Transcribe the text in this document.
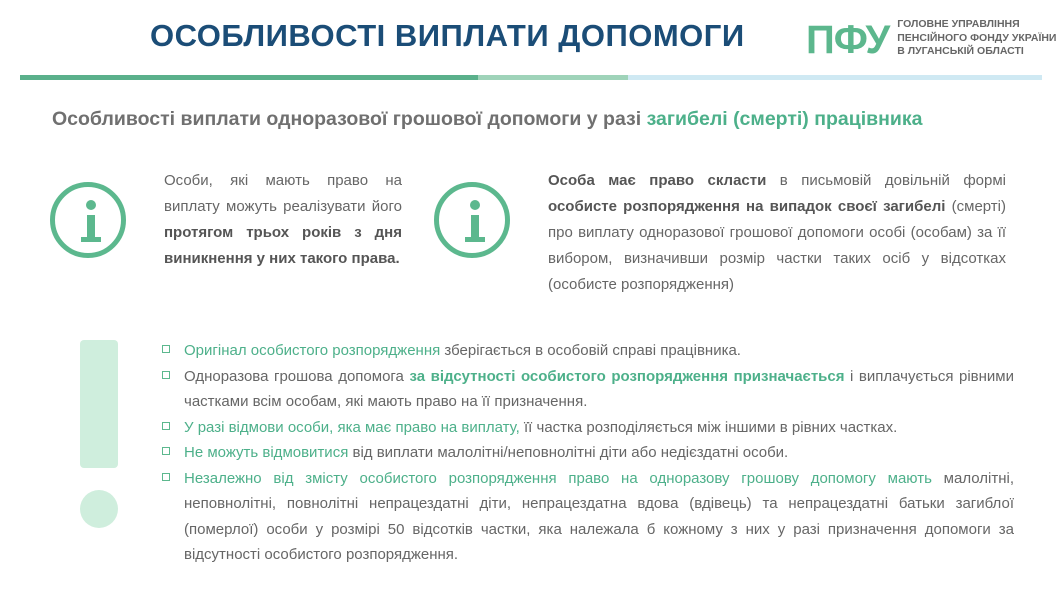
ОСОБЛИВОСТІ ВИПЛАТИ ДОПОМОГИ ПФУ ГОЛОВНЕ УПРАВЛІННЯ
ПЕНСІЙНОГО ФОНДУ УКРАЇНИ
В ЛУГАНСЬКІЙ ОБЛАСТІ
Особливості виплати одноразової грошової допомоги у разі загибелі (смерті) працівника

Особи, які мають право на виплату можуть реалізувати його протягом трьох років з дня виникнення у них такого права.

Особа має право скласти в письмовій довільній формі особисте розпорядження на випадок своєї загибелі (смерті) про виплату одноразової грошової допомоги особі (особам) за її вибором, визначивши розмір частки таких осіб у відсотках (особисте розпорядження)

Оригінал особистого розпорядження зберігається в особовій справі працівника.
Одноразова грошова допомога за відсутності особистого розпорядження призначається і виплачується рівними частками всім особам, які мають право на її призначення.
У разі відмови особи, яка має право на виплату, її частка розподіляється між іншими в рівних частках.
Не можуть відмовитися від виплати малолітні/неповнолітні діти або недієздатні особи.
Незалежно від змісту особистого розпорядження право на одноразову грошову допомогу мають малолітні, неповнолітні, повнолітні непрацездатні діти, непрацездатна вдова (вдівець) та непрацездатні батьки загиблої (померлої) особи у розмірі 50 відсотків частки, яка належала б кожному з них у разі призначення допомоги за відсутності особистого розпорядження.
